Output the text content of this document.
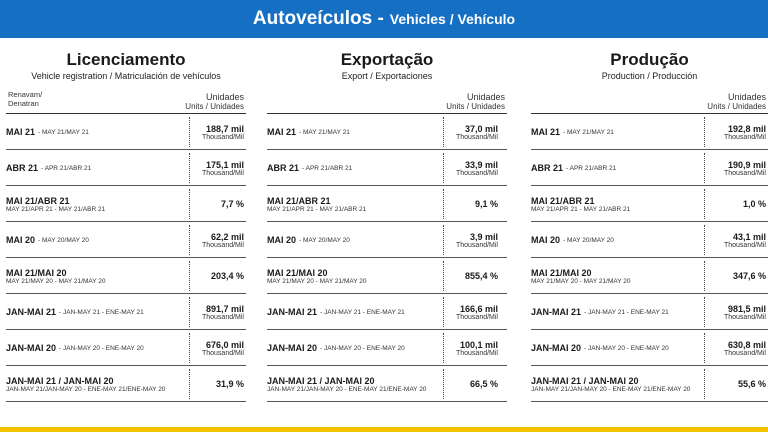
Autoveículos - Vehicles / Vehículo
Licenciamento
Vehicle registration / Matriculación de vehículos
Renavam/
Denatran
Unidades
Units / Unidades
MAI 21 - MAY 21/MAY 21	188,7 mil
Thousand/Mil
ABR 21 - APR 21/ABR 21	175,1 mil
Thousand/Mil
MAI 21/ABR 21
MAY 21/APR 21 - MAY 21/ABR 21	7,7 %
MAI 20 - MAY 20/MAY 20	62,2 mil
Thousand/Mil
MAI 21/MAI 20
MAY 21/MAY 20 - MAY 21/MAY 20	203,4 %
JAN-MAI 21 - JAN-MAY 21 - ENE-MAY 21	891,7 mil
Thousand/Mil
JAN-MAI 20 - JAN-MAY 20 - ENE-MAY 20	676,0 mil
Thousand/Mil
JAN-MAI 21 / JAN-MAI 20
JAN-MAY 21/JAN-MAY 20 - ENE-MAY 21/ENE-MAY 20	31,9 %
Exportação
Export / Exportaciones
Unidades
Units / Unidades
MAI 21 - MAY 21/MAY 21	37,0 mil
Thousand/Mil
ABR 21 - APR 21/ABR 21	33,9 mil
Thousand/Mil
MAI 21/ABR 21
MAY 21/APR 21 - MAY 21/ABR 21	9,1 %
MAI 20 - MAY 20/MAY 20	3,9 mil
Thousand/Mil
MAI 21/MAI 20
MAY 21/MAY 20 - MAY 21/MAY 20	855,4 %
JAN-MAI 21 - JAN-MAY 21 - ENE-MAY 21	166,6 mil
Thousand/Mil
JAN-MAI 20 - JAN-MAY 20 - ENE-MAY 20	100,1 mil
Thousand/Mil
JAN-MAI 21 / JAN-MAI 20
JAN-MAY 21/JAN-MAY 20 - ENE-MAY 21/ENE-MAY 20	66,5 %
Produção
Production / Producción
Unidades
Units / Unidades
MAI 21 - MAY 21/MAY 21	192,8 mil
Thousand/Mil
ABR 21 - APR 21/ABR 21	190,9 mil
Thousand/Mil
MAI 21/ABR 21
MAY 21/APR 21 - MAY 21/ABR 21	1,0 %
MAI 20 - MAY 20/MAY 20	43,1 mil
Thousand/Mil
MAI 21/MAI 20
MAY 21/MAY 20 - MAY 21/MAY 20	347,6 %
JAN-MAI 21 - JAN-MAY 21 - ENE-MAY 21	981,5 mil
Thousand/Mil
JAN-MAI 20 - JAN-MAY 20 - ENE-MAY 20	630,8 mil
Thousand/Mil
JAN-MAI 21 / JAN-MAI 20
JAN-MAY 21/JAN-MAY 20 - ENE-MAY 21/ENE-MAY 20	55,6 %
